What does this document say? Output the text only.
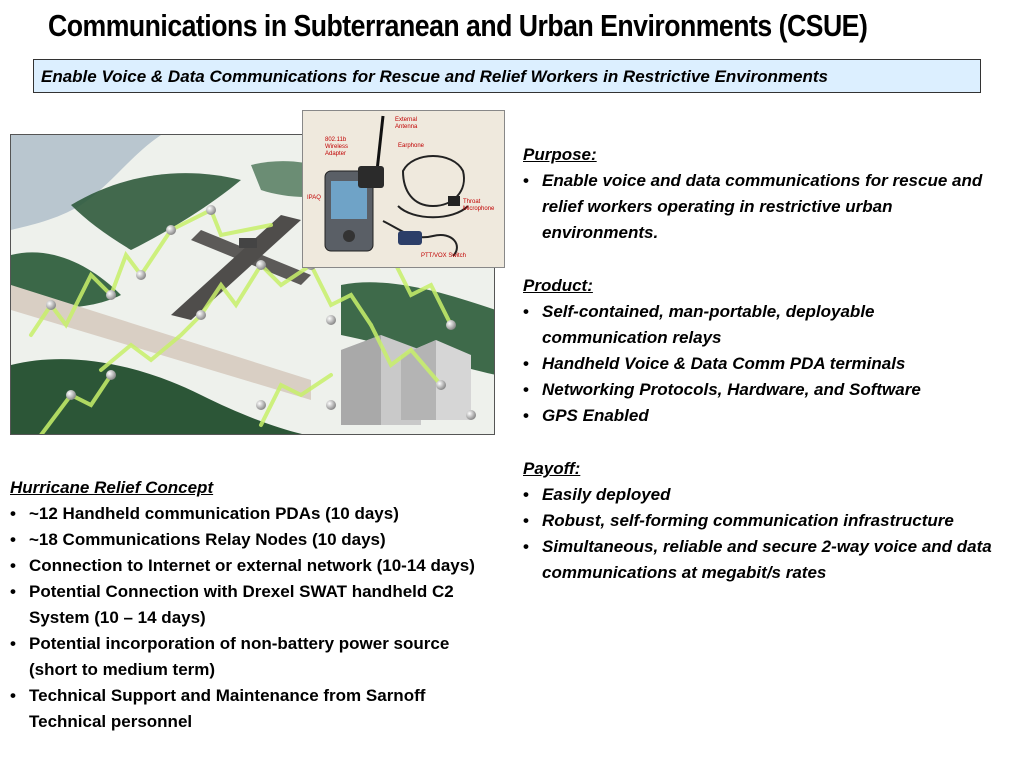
Communications in Subterranean and Urban Environments (CSUE)
Enable Voice & Data Communications for Rescue and Relief Workers in Restrictive Environments
External
Antenna
802.11b
Wireless
Adapter
Earphone
IPAQ
Throat
Microphone
PTT/VOX Switch
Purpose:
• Enable voice and data communications for rescue and relief workers operating in restrictive urban environments.
Product:
• Self-contained, man-portable, deployable communication relays
• Handheld Voice & Data Comm PDA terminals
• Networking Protocols, Hardware, and Software
• GPS Enabled
Payoff:
• Easily deployed
• Robust, self-forming communication infrastructure
• Simultaneous, reliable and secure 2-way voice and data communications at megabit/s rates
Hurricane Relief Concept
• ~12 Handheld communication PDAs (10 days)
• ~18 Communications Relay Nodes (10 days)
• Connection to Internet or external network (10-14 days)
• Potential Connection with Drexel SWAT handheld C2 System (10 – 14 days)
• Potential incorporation of non-battery power source (short to medium term)
• Technical Support and Maintenance from Sarnoff Technical personnel
